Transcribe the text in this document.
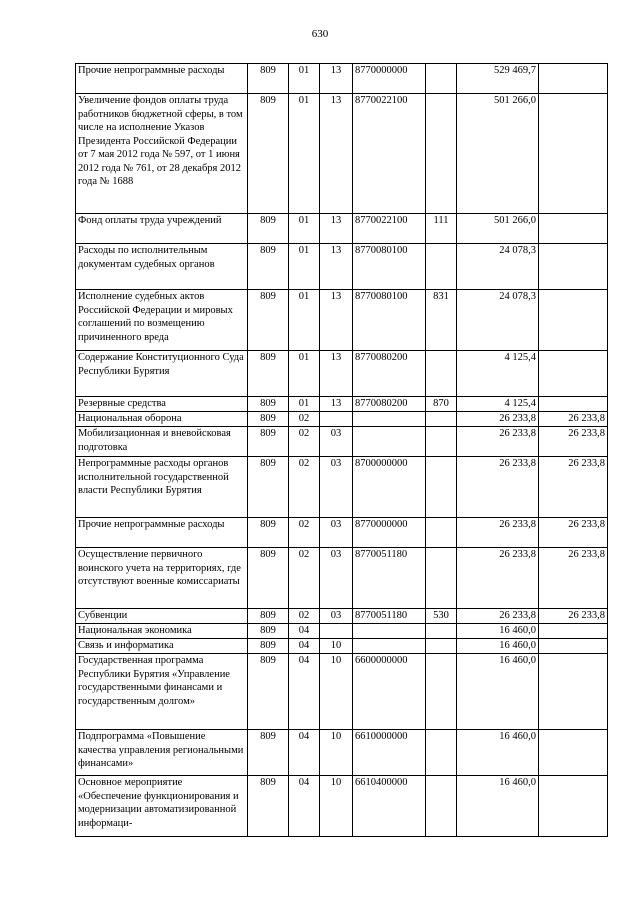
630
Прочие непрограммные расходы	809	01	13	8770000000		529 469,7	
Увеличение фондов оплаты труда работников бюджетной сферы, в том числе на исполнение Указов Президента Российской Федерации от 7 мая 2012 года № 597, от 1 июня 2012 года № 761, от 28 декабря 2012 года № 1688	809	01	13	8770022100		501 266,0	
Фонд оплаты труда учреждений	809	01	13	8770022100	111	501 266,0	
Расходы по исполнительным документам судебных органов	809	01	13	8770080100		24 078,3	
Исполнение судебных актов Российской Федерации и мировых соглашений по возмещению причиненного вреда	809	01	13	8770080100	831	24 078,3	
Содержание Конституционного Суда Республики Бурятия	809	01	13	8770080200		4 125,4	
Резервные средства	809	01	13	8770080200	870	4 125,4	
Национальная оборона	809	02				26 233,8	26 233,8
Мобилизационная и вневойсковая подготовка	809	02	03			26 233,8	26 233,8
Непрограммные расходы органов исполнительной государственной власти Республики Бурятия	809	02	03	8700000000		26 233,8	26 233,8
Прочие непрограммные расходы	809	02	03	8770000000		26 233,8	26 233,8
Осуществление первичного воинского учета на территориях, где отсутствуют военные комиссариаты	809	02	03	8770051180		26 233,8	26 233,8
Субвенции	809	02	03	8770051180	530	26 233,8	26 233,8
Национальная экономика	809	04				16 460,0	
Связь и информатика	809	04	10			16 460,0	
Государственная программа Республики Бурятия «Управление государственными финансами и государственным долгом»	809	04	10	6600000000		16 460,0	
Подпрограмма «Повышение качества управления региональными финансами»	809	04	10	6610000000		16 460,0	
Основное мероприятие «Обеспечение функционирования и модернизации автоматизированной информаци-	809	04	10	6610400000		16 460,0	
